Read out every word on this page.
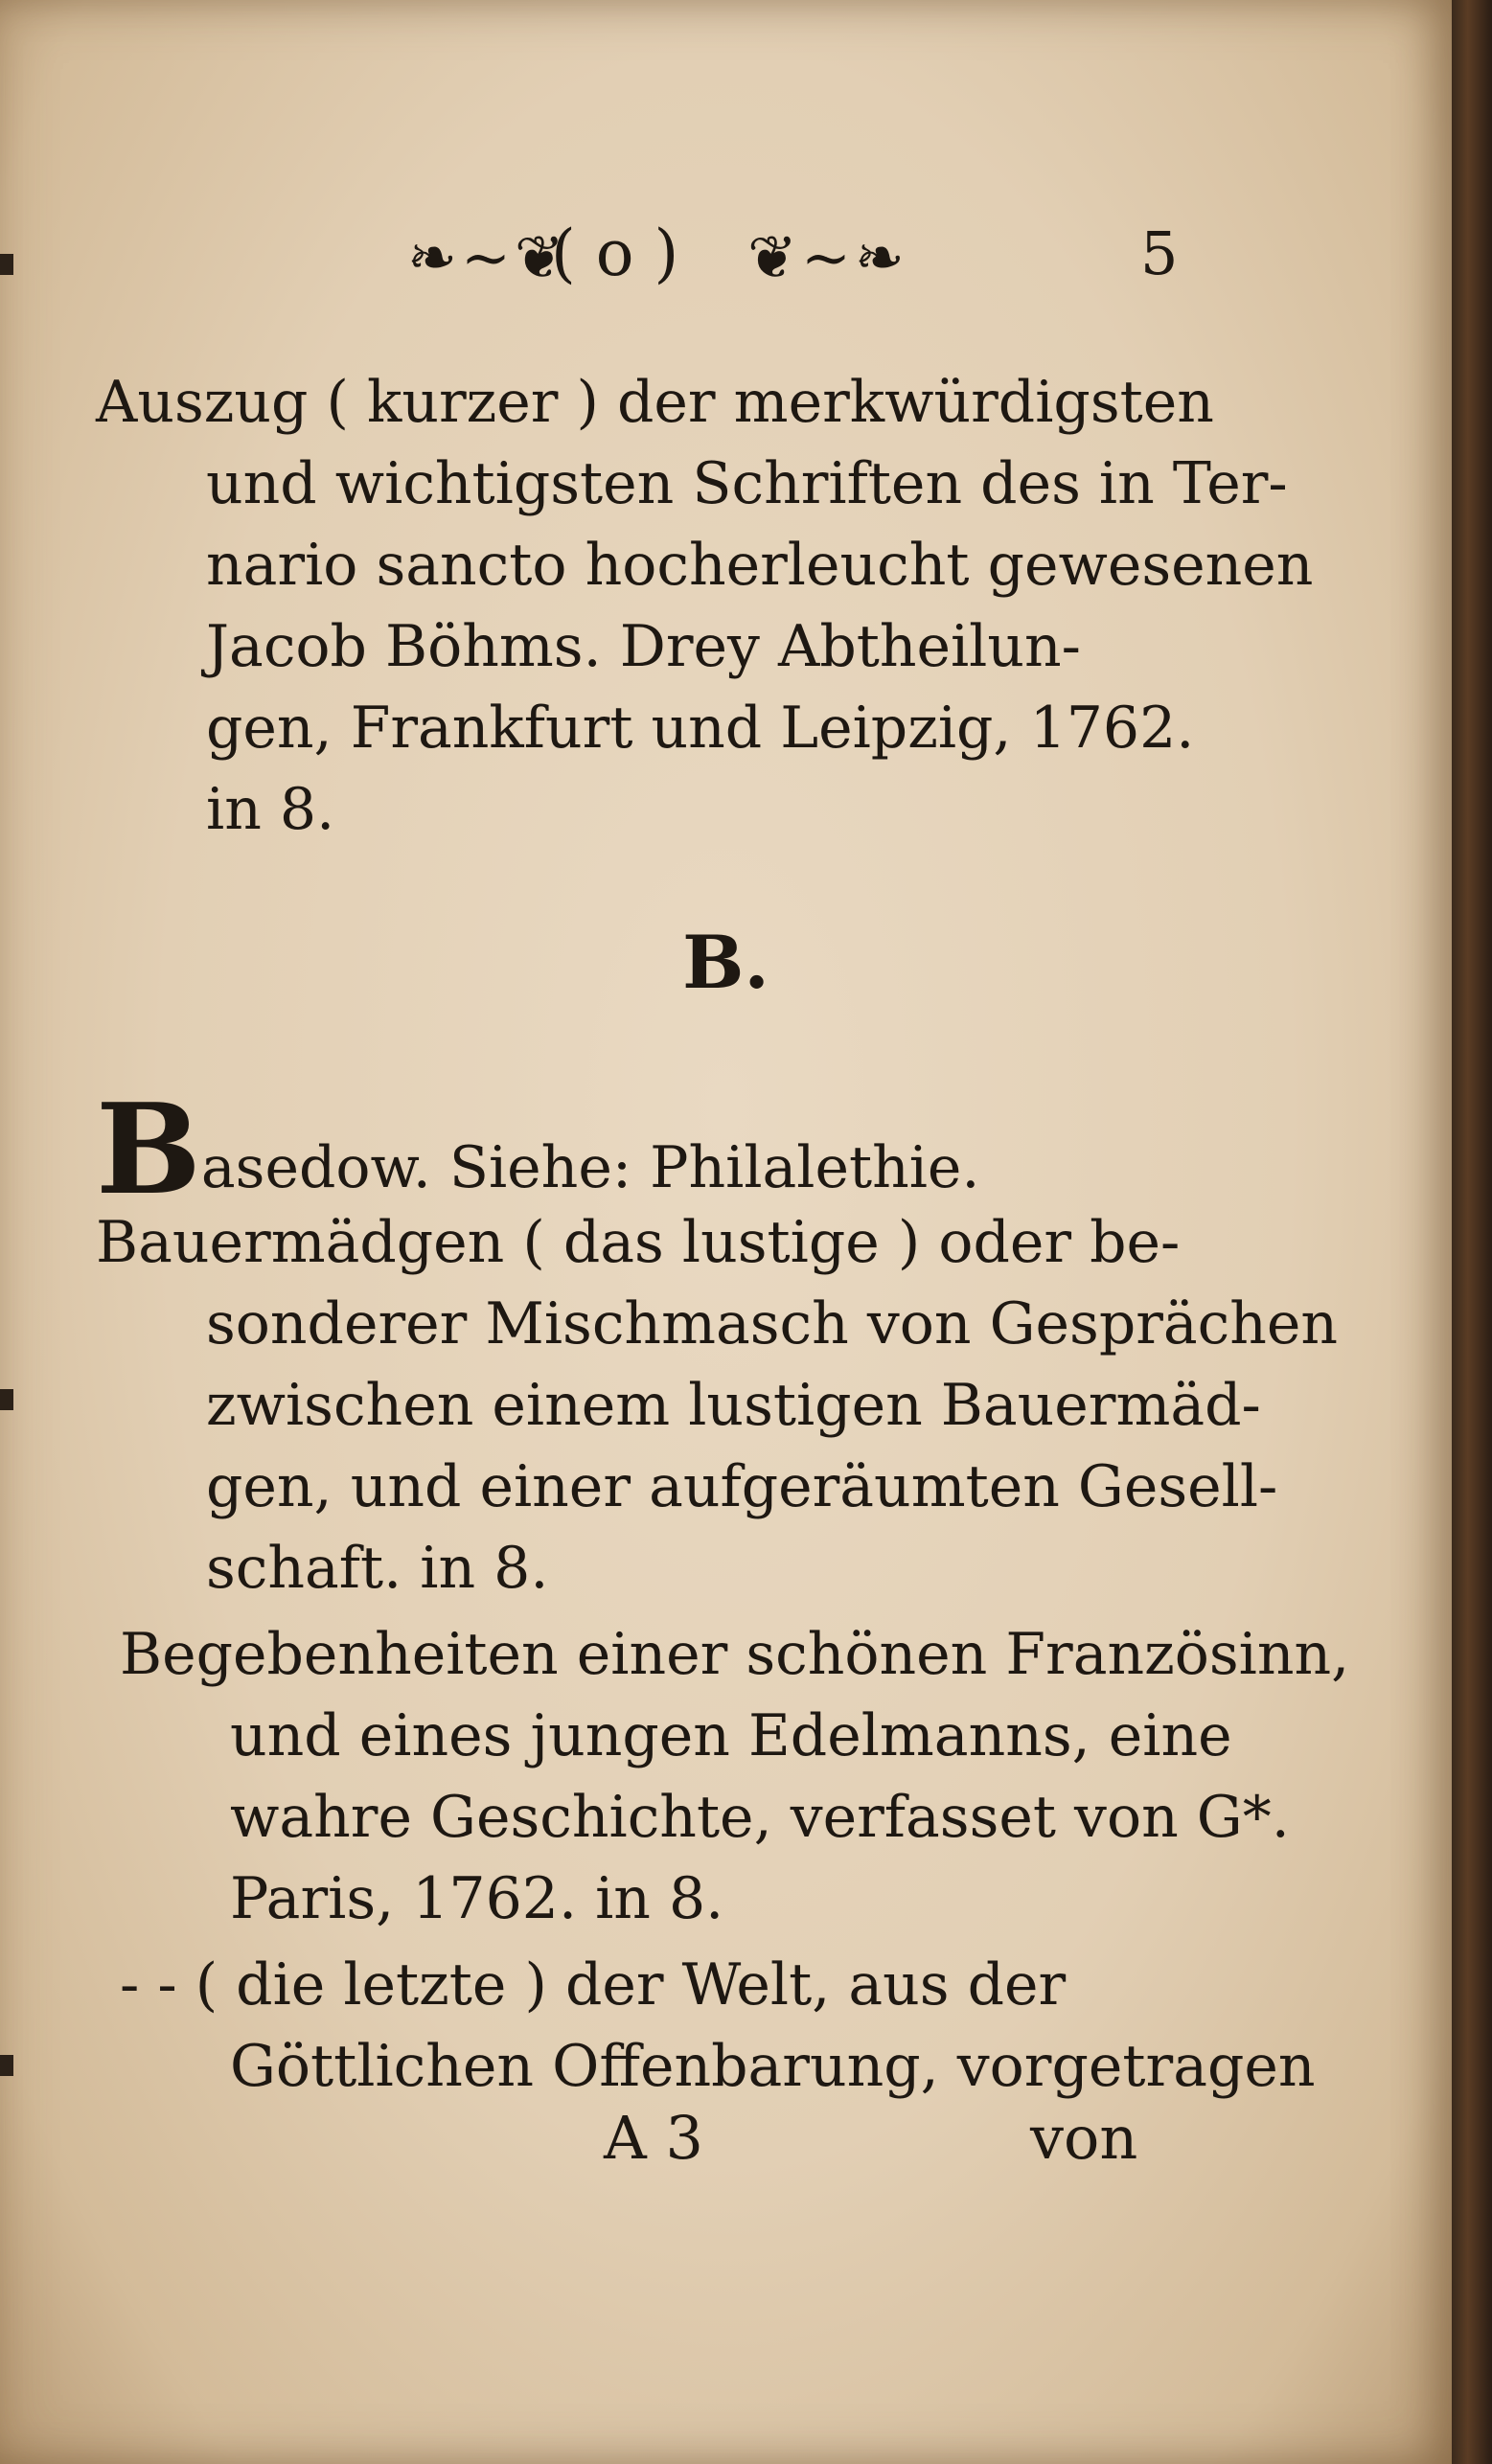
❧~❦
( o ) ❦~❧	5
Auszug ( kurzer ) der merkwürdigsten
und wichtigsten Schriften des in Ter-
nario sancto hocherleucht gewesenen
Jacob Böhms. Drey Abtheilun-
gen, Frankfurt und Leipzig, 1762.
in 8.
B.
Basedow. Siehe: Philalethie.
Bauermädgen ( das lustige ) oder be-
sonderer Mischmasch von Gesprächen
zwischen einem lustigen Bauermäd-
gen, und einer aufgeräumten Gesell-
schaft. in 8.
Begebenheiten einer schönen Französinn,
und eines jungen Edelmanns, eine
wahre Geschichte, verfasset von G*.
Paris, 1762. in 8.
- - ( die letzte ) der Welt, aus der
Göttlichen Offenbarung, vorgetragen
A 3	von
